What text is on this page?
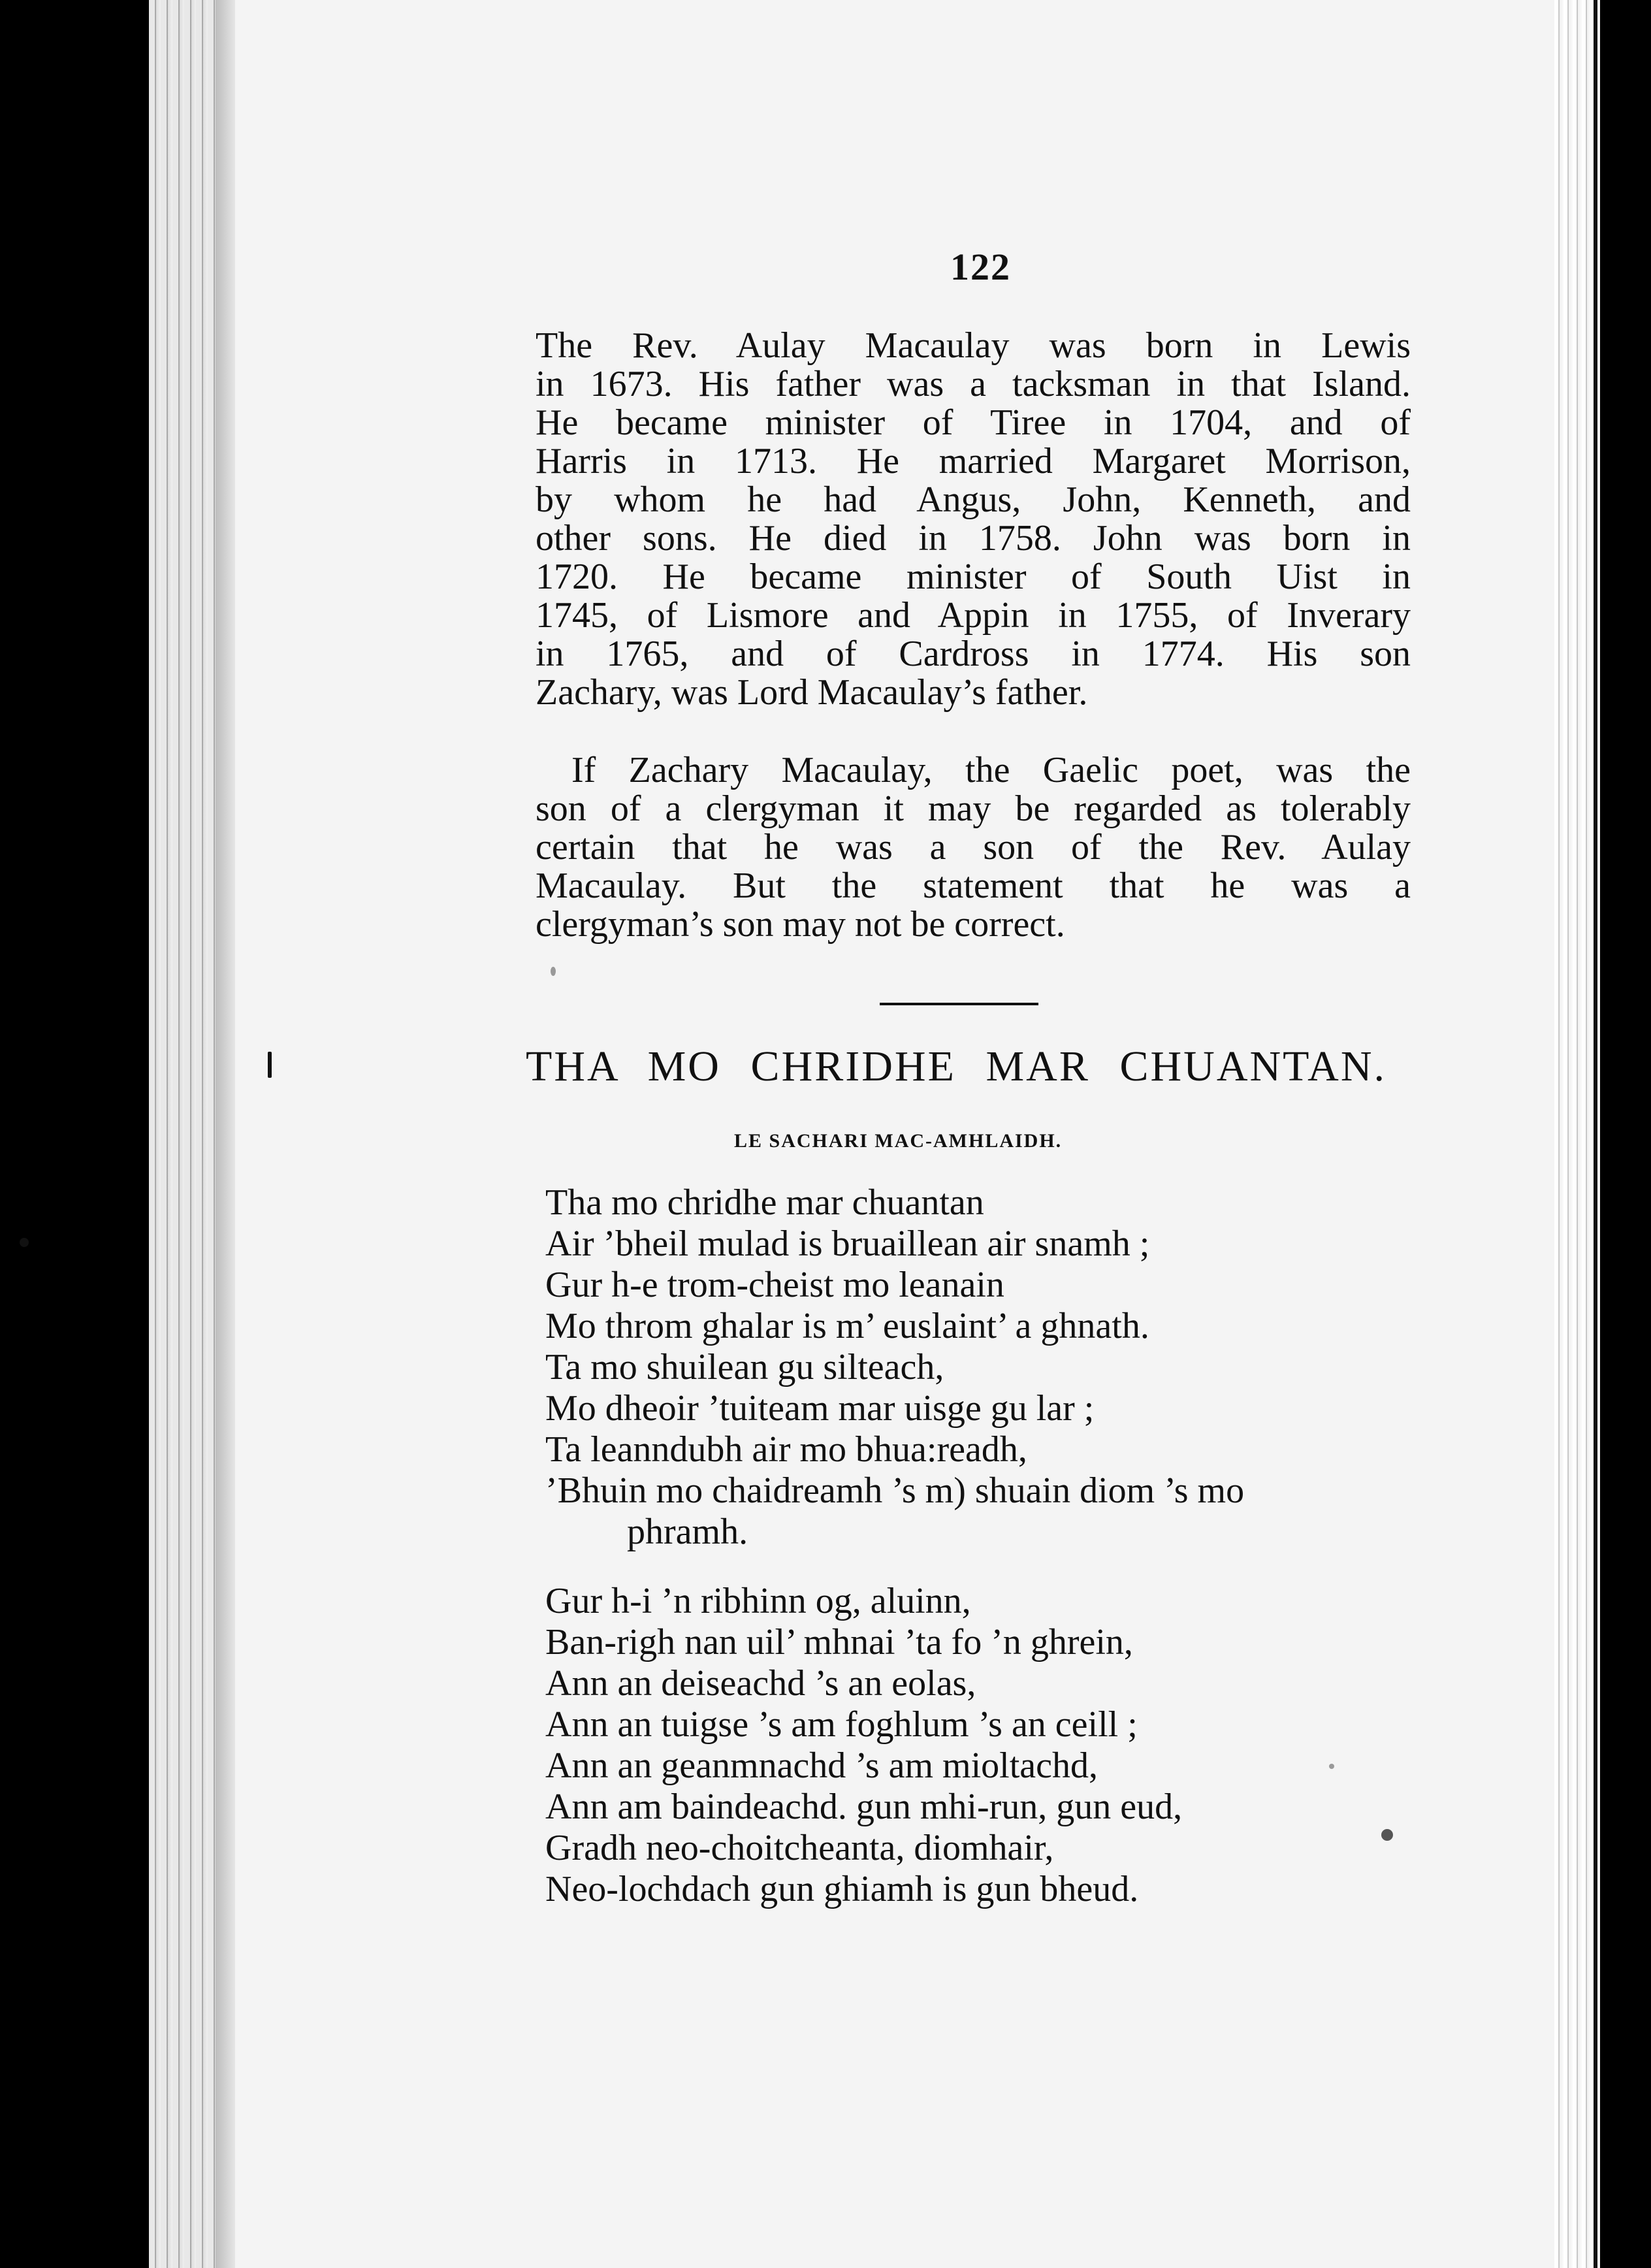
122
The Rev. Aulay Macaulay was born in Lewis
in 1673. His father was a tacksman in that Island.
He became minister of Tiree in 1704, and of
Harris in 1713. He married Margaret Morrison,
by whom he had Angus, John, Kenneth, and
other sons. He died in 1758. John was born in
1720. He became minister of South Uist in
1745, of Lismore and Appin in 1755, of Inverary
in 1765, and of Cardross in 1774. His son
Zachary, was Lord Macaulay’s father.
If Zachary Macaulay, the Gaelic poet, was the
son of a clergyman it may be regarded as tolerably
certain that he was a son of the Rev. Aulay
Macaulay. But the statement that he was a
clergyman’s son may not be correct.
THA MO CHRIDHE MAR CHUANTAN.
LE SACHARI MAC-AMHLAIDH.
Tha mo chridhe mar chuantan
Air ’bheil mulad is bruaillean air snamh ;
Gur h-e trom-cheist mo leanain
Mo throm ghalar is m’ euslaint’ a ghnath.
Ta mo shuilean gu silteach,
Mo dheoir ’tuiteam mar uisge gu lar ;
Ta leanndubh air mo bhua:readh,
’Bhuin mo chaidreamh ’s m) shuain diom ’s mo
phramh.
Gur h-i ’n ribhinn og, aluinn,
Ban-righ nan uil’ mhnai ’ta fo ’n ghrein,
Ann an deiseachd ’s an eolas,
Ann an tuigse ’s am foghlum ’s an ceill ;
Ann an geanmnachd ’s am mioltachd,
Ann am baindeachd. gun mhi-run, gun eud,
Gradh neo-choitcheanta, diomhair,
Neo-lochdach gun ghiamh is gun bheud.
